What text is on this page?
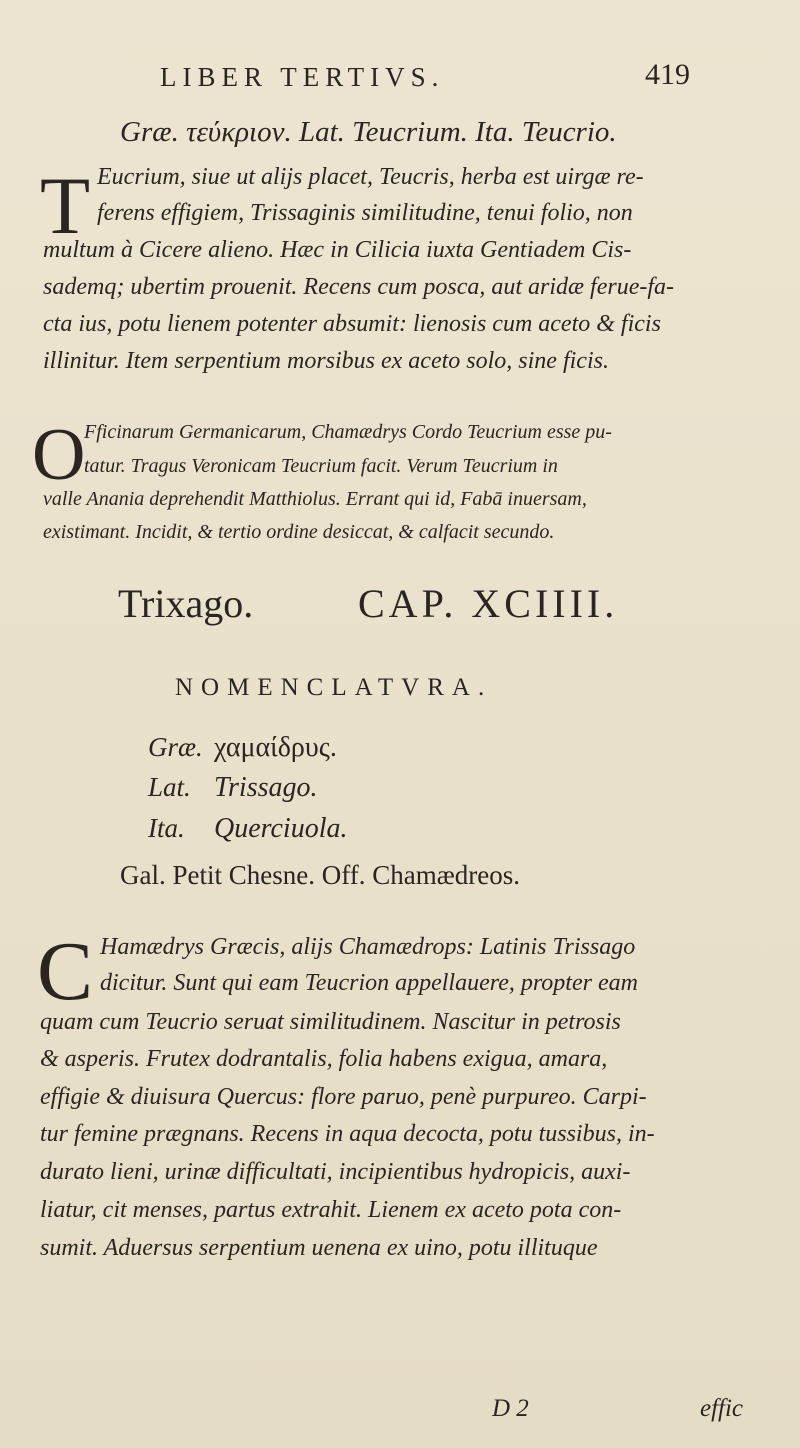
LIBER TERTIVS.	419
Græ. τεύκριον. Lat. Teucrium. Ita. Teucrio.
T Eucrium, siue ut alijs placet, Teucris, herba est uirgæ re-
ferens effigiem, Trissaginis similitudine, tenui folio, non
multum à Cicere alieno. Hæc in Cilicia iuxta Gentiadem Cis-
sademq; ubertim prouenit. Recens cum posca, aut aridæ ferue-fa-
cta ius, potu lienem potenter absumit: lienosis cum aceto & ficis
illinitur. Item serpentium morsibus ex aceto solo, sine ficis.
O
Fficinarum Germanicarum, Chamædrys Cordo Teucrium esse pu-
tatur. Tragus Veronicam Teucrium facit. Verum Teucrium in
valle Anania deprehendit Matthiolus. Errant qui id, Fabā inuersam,
existimant. Incidit, & tertio ordine desiccat, & calfacit secundo.
Trixago.	CAP. XCIIII.
NOMENCLATVRA.
Græ. χαμαίδρυς.
Lat. Trissago.
Ita. Querciuola.
Gal. Petit Chesne. Off. Chamædreos.
C Hamædrys Græcis, alijs Chamædrops: Latinis Trissago
dicitur. Sunt qui eam Teucrion appellauere, propter eam
quam cum Teucrio seruat similitudinem. Nascitur in petrosis
& asperis. Frutex dodrantalis, folia habens exigua, amara,
effigie & diuisura Quercus: flore paruo, penè purpureo. Carpi-
tur femine prægnans. Recens in aqua decocta, potu tussibus, in-
durato lieni, urinæ difficultati, incipientibus hydropicis, auxi-
liatur, cit menses, partus extrahit. Lienem ex aceto pota con-
sumit. Aduersus serpentium uenena ex uino, potu illituque
D 2	effic
